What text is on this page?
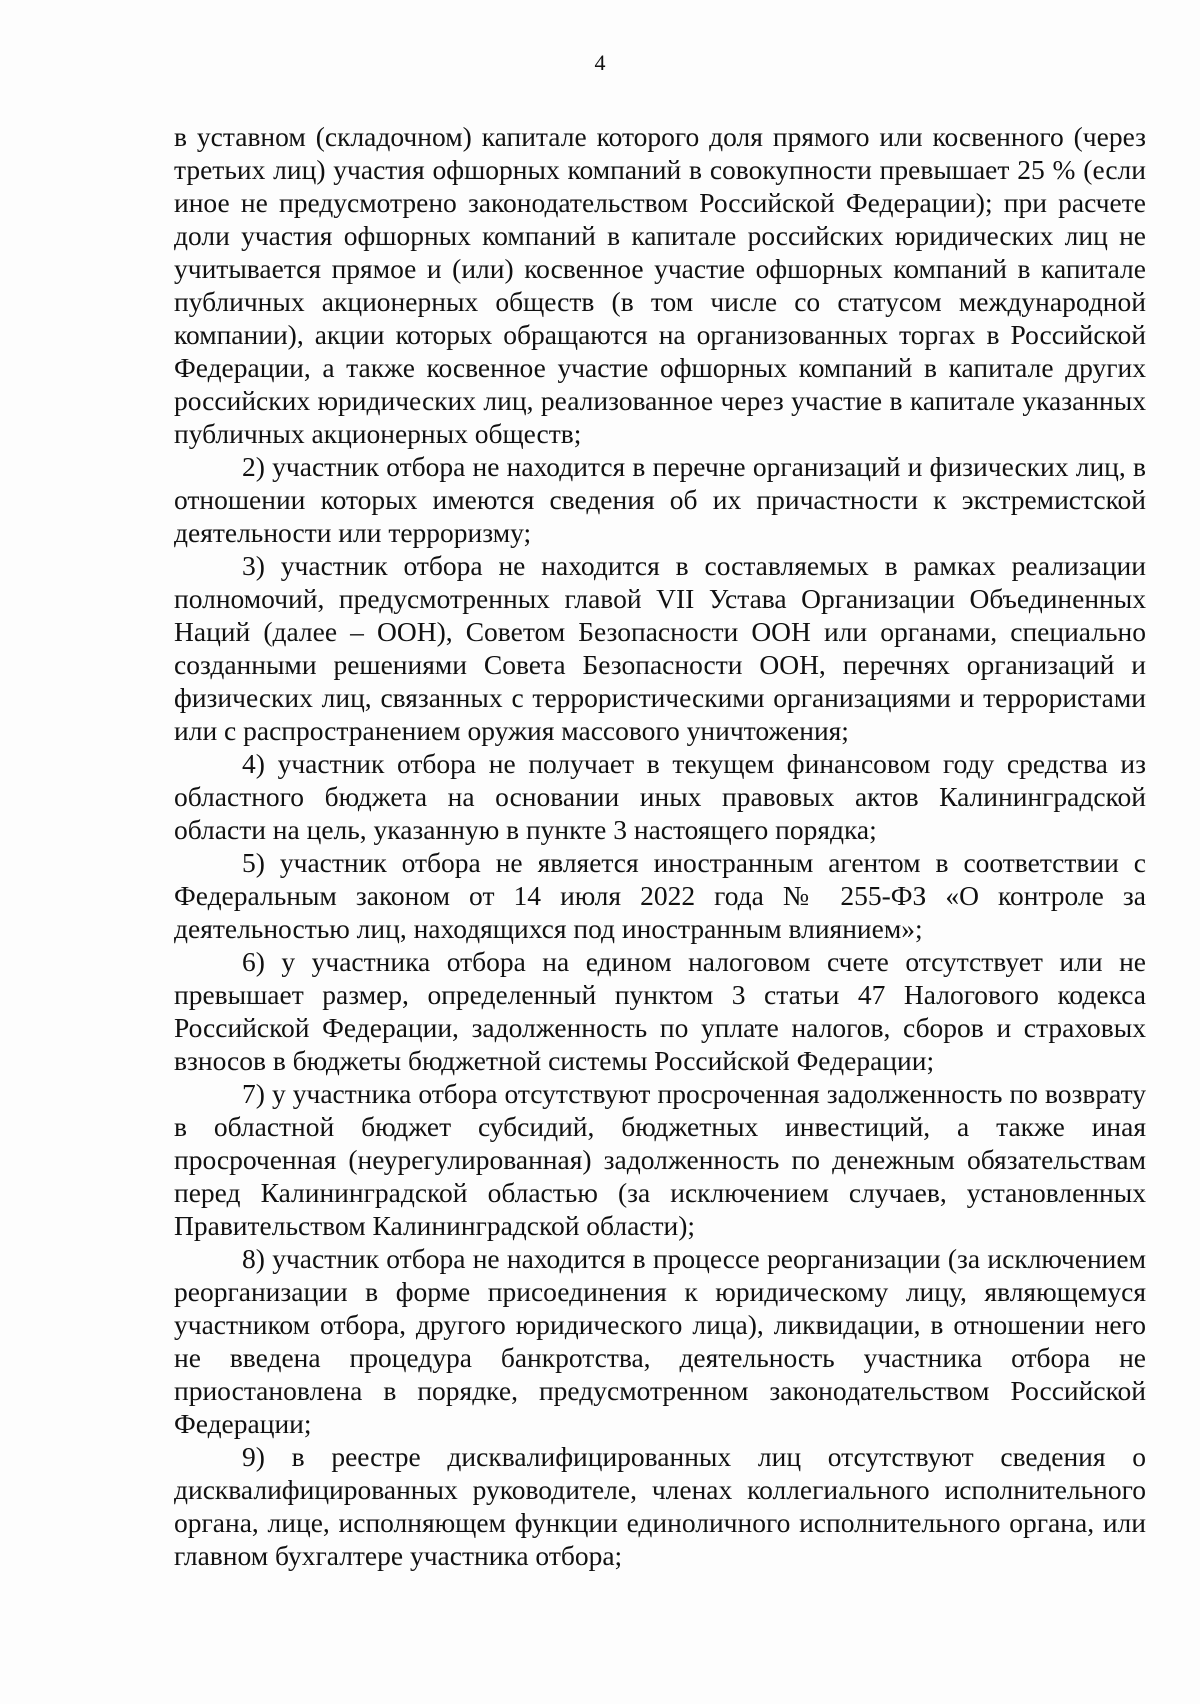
4

в уставном (складочном) капитале которого доля прямого или косвенного (через третьих лиц) участия офшорных компаний в совокупности превышает 25 % (если иное не предусмотрено законодательством Российской Федерации); при расчете доли участия офшорных компаний в капитале российских юридических лиц не учитывается прямое и (или) косвенное участие офшорных компаний в капитале публичных акционерных обществ (в том числе со статусом международной компании), акции которых обращаются на организованных торгах в Российской Федерации, а также косвенное участие офшорных компаний в капитале других российских юридических лиц, реализованное через участие в капитале указанных публичных акционерных обществ;

2) участник отбора не находится в перечне организаций и физических лиц, в отношении которых имеются сведения об их причастности к экстремистской деятельности или терроризму;

3) участник отбора не находится в составляемых в рамках реализации полномочий, предусмотренных главой VII Устава Организации Объединенных Наций (далее – ООН), Советом Безопасности ООН или органами, специально созданными решениями Совета Безопасности ООН, перечнях организаций и физических лиц, связанных с террористическими организациями и террористами или с распространением оружия массового уничтожения;

4) участник отбора не получает в текущем финансовом году средства из областного бюджета на основании иных правовых актов Калининградской области на цель, указанную в пункте 3 настоящего порядка;

5) участник отбора не является иностранным агентом в соответствии с Федеральным законом от 14 июля 2022 года № 255-ФЗ «О контроле за деятельностью лиц, находящихся под иностранным влиянием»;

6) у участника отбора на едином налоговом счете отсутствует или не превышает размер, определенный пунктом 3 статьи 47 Налогового кодекса Российской Федерации, задолженность по уплате налогов, сборов и страховых взносов в бюджеты бюджетной системы Российской Федерации;

7) у участника отбора отсутствуют просроченная задолженность по возврату в областной бюджет субсидий, бюджетных инвестиций, а также иная просроченная (неурегулированная) задолженность по денежным обязательствам перед Калининградской областью (за исключением случаев, установленных Правительством Калининградской области);

8) участник отбора не находится в процессе реорганизации (за исключением реорганизации в форме присоединения к юридическому лицу, являющемуся участником отбора, другого юридического лица), ликвидации, в отношении него не введена процедура банкротства, деятельность участника отбора не приостановлена в порядке, предусмотренном законодательством Российской Федерации;

9) в реестре дисквалифицированных лиц отсутствуют сведения о дисквалифицированных руководителе, членах коллегиального исполнительного органа, лице, исполняющем функции единоличного исполнительного органа, или главном бухгалтере участника отбора;
